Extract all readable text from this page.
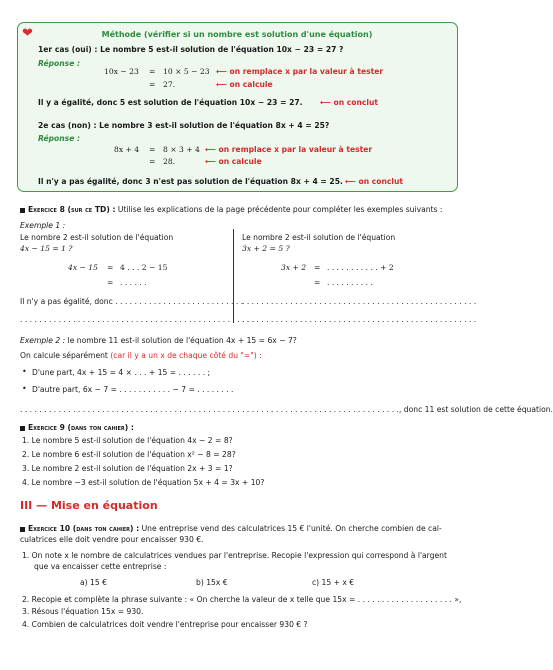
❤	Méthode (vérifier si un nombre est solution d'une équation)
1er cas (oui) : Le nombre 5 est-il solution de l'équation 10x − 23 = 27 ?
Réponse :
10x − 23 = 10 × 5 − 23 ⟵ on remplace x par la valeur à tester
= 27.	⟵ on calcule
Il y a égalité, donc 5 est solution de l'équation 10x − 23 = 27. ⟵ on conclut
2e cas (non) : Le nombre 3 est-il solution de l'équation 8x + 4 = 25?
Réponse :
8x + 4 = 8 × 3 + 4 ⟵ on remplace x par la valeur à tester
= 28.	⟵ on calcule
Il n'y a pas égalité, donc 3 n'est pas solution de l'équation 8x + 4 = 25. ⟵ on conclut
Exercice 8 (sur ce TD) : Utilise les explications de la page précédente pour compléter les exemples suivants :
Exemple 1 :
Le nombre 2 est-il solution de l'équation
4x − 15 = 1 ?
4x − 15 = 4 . . . 2 − 15
= . . . . . .
Il n'y a pas égalité, donc . . . . . . . . . . . . . . . . . . . . . . . . . . .
. . . . . . . . . . . . . . . . . . . . . . . . . . . . . . . . . . . . . . . . . . . . . . . . .
Le nombre 2 est-il solution de l'équation
3x + 2 = 5 ?
3x + 2 = . . . . . . . . . . . + 2
= . . . . . . . . . .
. . . . . . . . . . . . . . . . . . . . . . . . . . . . . . . . . . . . . . . . . . . . . . . . .
. . . . . . . . . . . . . . . . . . . . . . . . . . . . . . . . . . . . . . . . . . . . . . . . .
Exemple 2 : le nombre 11 est-il solution de l'équation 4x + 15 = 6x − 7?
On calcule séparément (car il y a un x de chaque côté du "=") :
• D'une part, 4x + 15 = 4 × . . . + 15 = . . . . . . ;
• D'autre part, 6x − 7 = . . . . . . . . . . . − 7 = . . . . . . . .
. . . . . . . . . . . . . . . . . . . . . . . . . . . . . . . . . . . . . . . . . . . . . . . . . . . . . . . . . . . . . . . . . . . . . . . . . . . . . . ., donc 11 est solution de cette équation.
Exercice 9 (dans ton cahier) :
1. Le nombre 5 est-il solution de l'équation 4x − 2 = 8?
2. Le nombre 6 est-il solution de l'équation x² − 8 = 28?
3. Le nombre 2 est-il solution de l'équation 2x + 3 = 1?
4. Le nombre −3 est-il solution de l'équation 5x + 4 = 3x + 10?
III — Mise en équation
Exercice 10 (dans ton cahier) : Une entreprise vend des calculatrices 15 € l'unité. On cherche combien de cal-
culatrices elle doit vendre pour encaisser 930 €.
1. On note x le nombre de calculatrices vendues par l'entreprise. Recopie l'expression qui correspond à l'argent
que va encaisser cette entreprise :
a) 15 €	b) 15x €	c) 15 + x €
2. Recopie et complète la phrase suivante : « On cherche la valeur de x telle que 15x = . . . . . . . . . . . . . . . . . . . . »,
3. Résous l'équation 15x = 930.
4. Combien de calculatrices doit vendre l'entreprise pour encaisser 930 € ?
